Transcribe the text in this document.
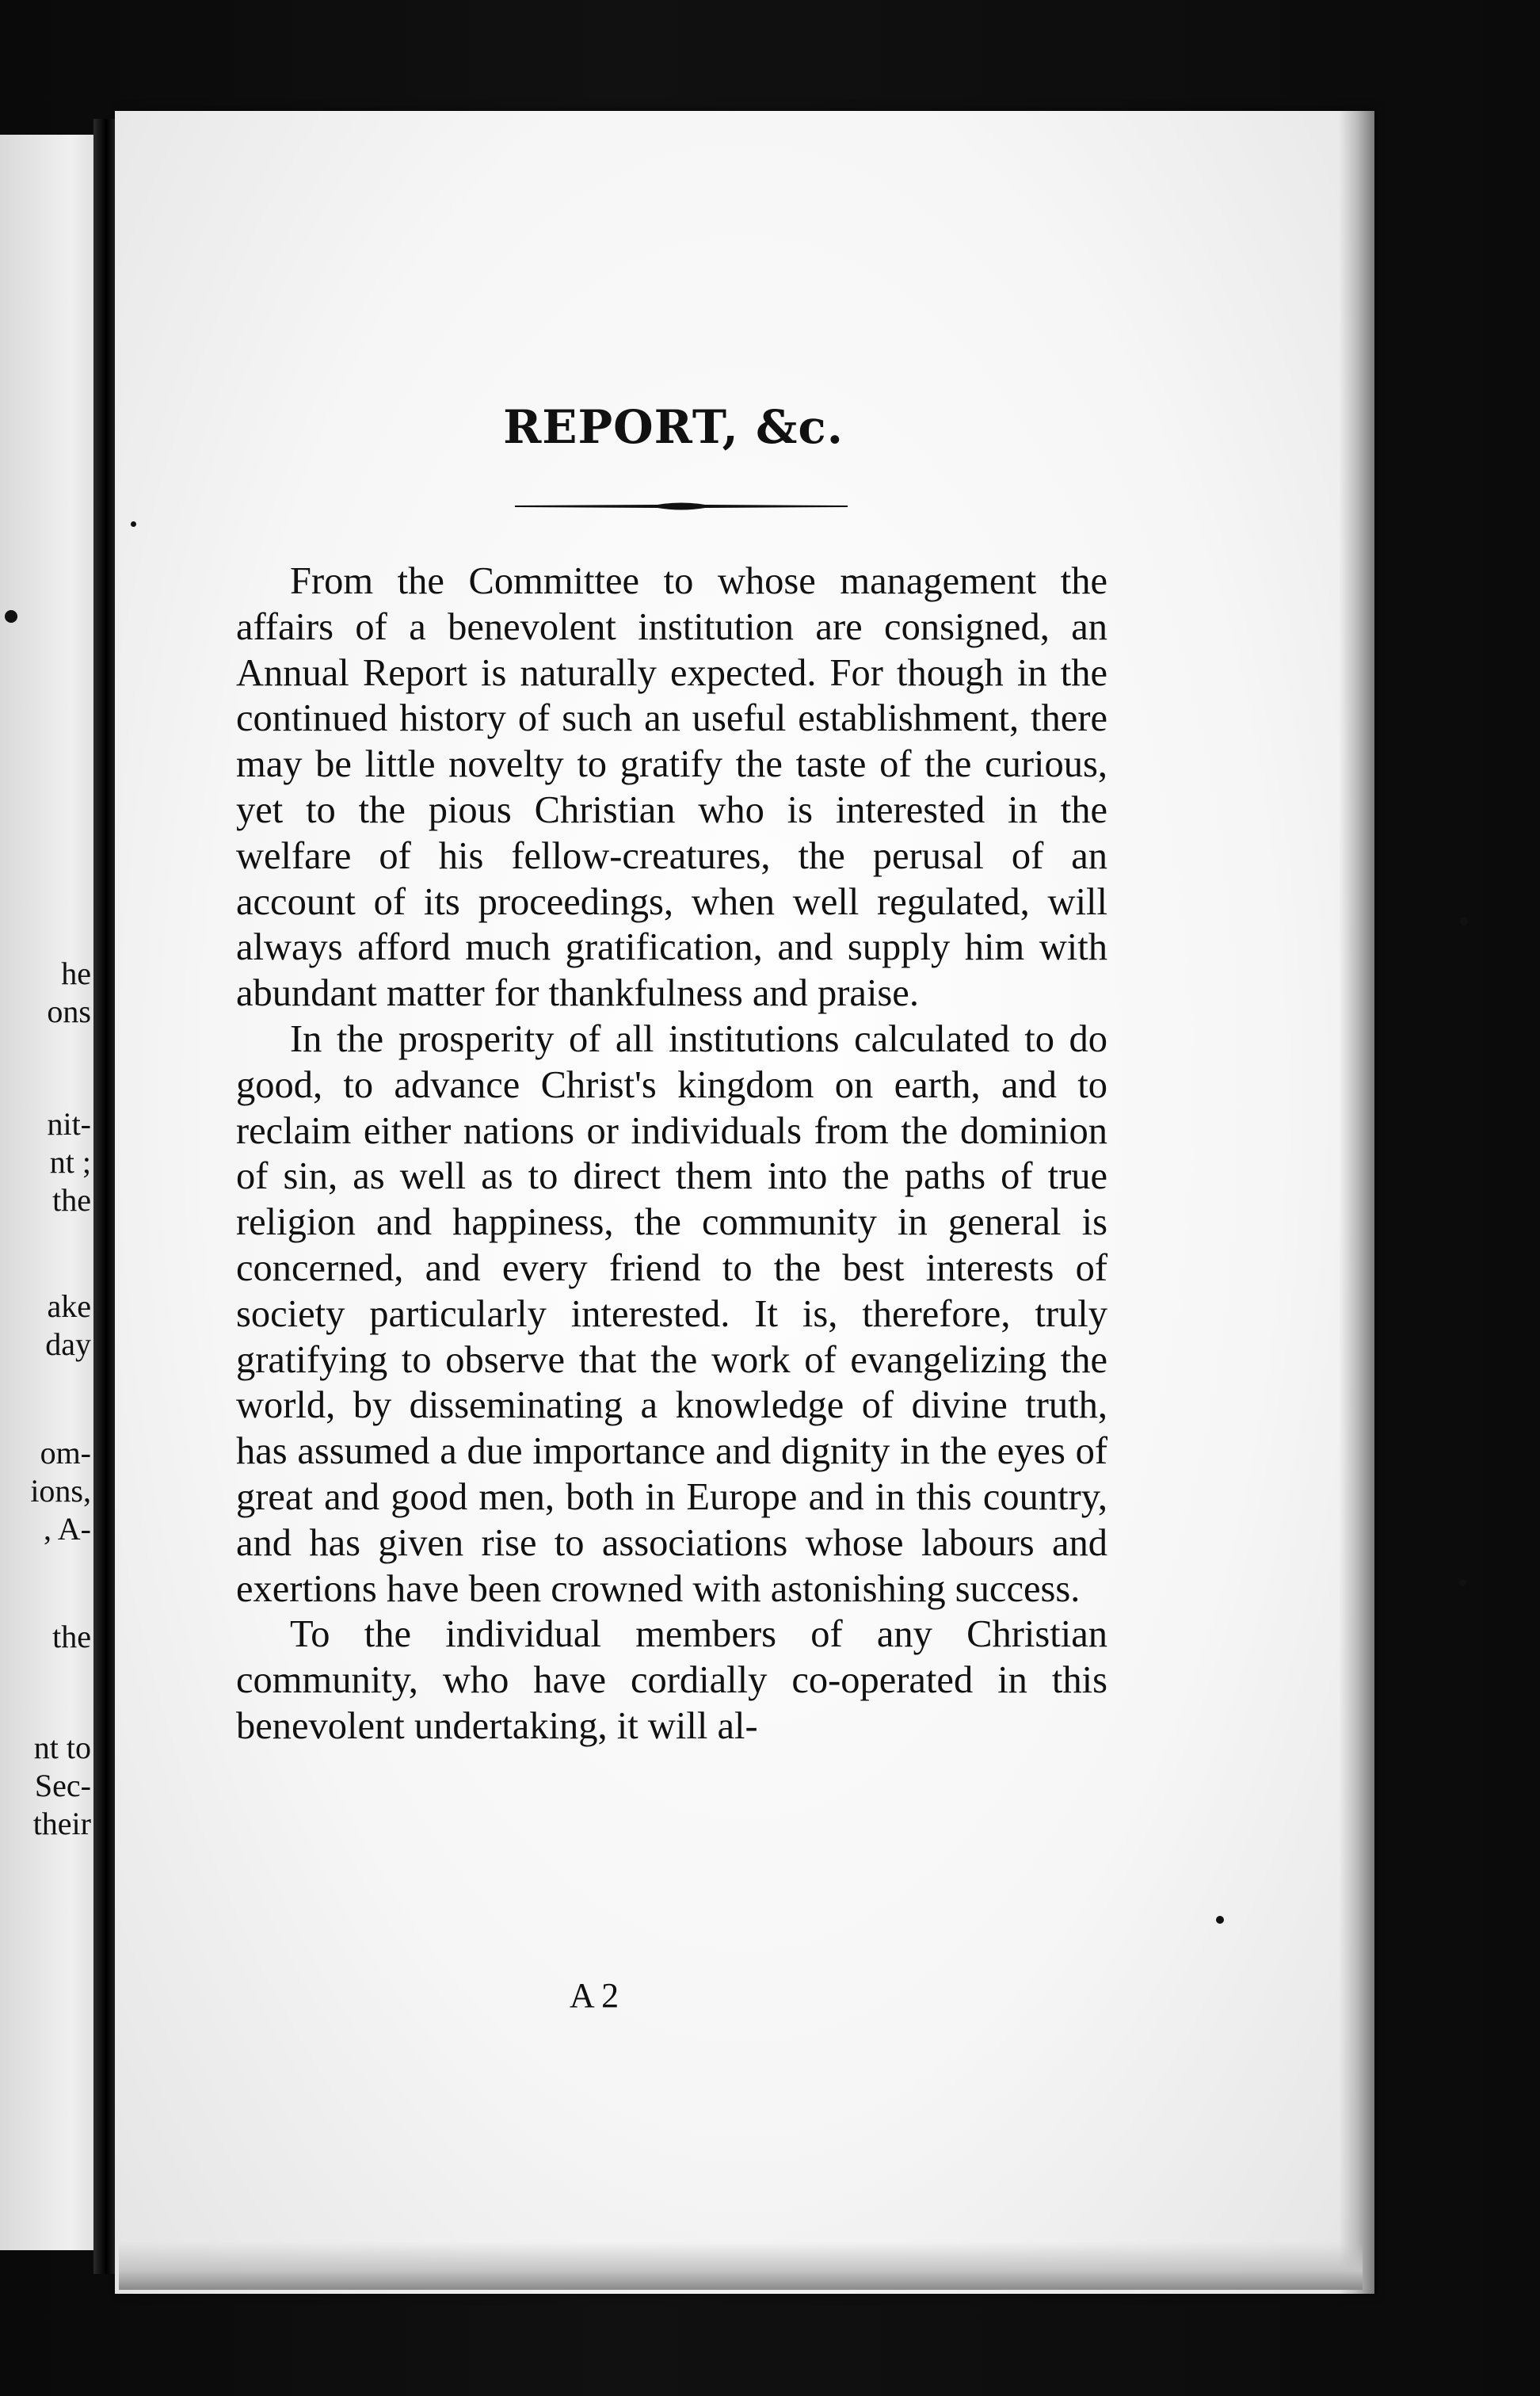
he
ons
nit-
nt ;
the
ake
day
om-
ions,
, A-
the
nt to
Sec-
their
REPORT, &c.

From the Committee to whose management the affairs of a benevolent institution are consigned, an Annual Report is naturally expected. For though in the continued history of such an useful establishment, there may be little novelty to gratify the taste of the curious, yet to the pious Christian who is interested in the welfare of his fellow-creatures, the perusal of an account of its proceedings, when well regulated, will always afford much gratification, and supply him with abundant matter for thankfulness and praise.

In the prosperity of all institutions calculated to do good, to advance Christ's kingdom on earth, and to reclaim either nations or individuals from the dominion of sin, as well as to direct them into the paths of true religion and happiness, the community in general is concerned, and every friend to the best interests of society particularly interested. It is, therefore, truly gratifying to observe that the work of evangelizing the world, by disseminating a knowledge of divine truth, has assumed a due importance and dignity in the eyes of great and good men, both in Europe and in this country, and has given rise to associations whose labours and exertions have been crowned with astonishing success.

To the individual members of any Christian community, who have cordially co-operated in this benevolent undertaking, it will al-

A 2
